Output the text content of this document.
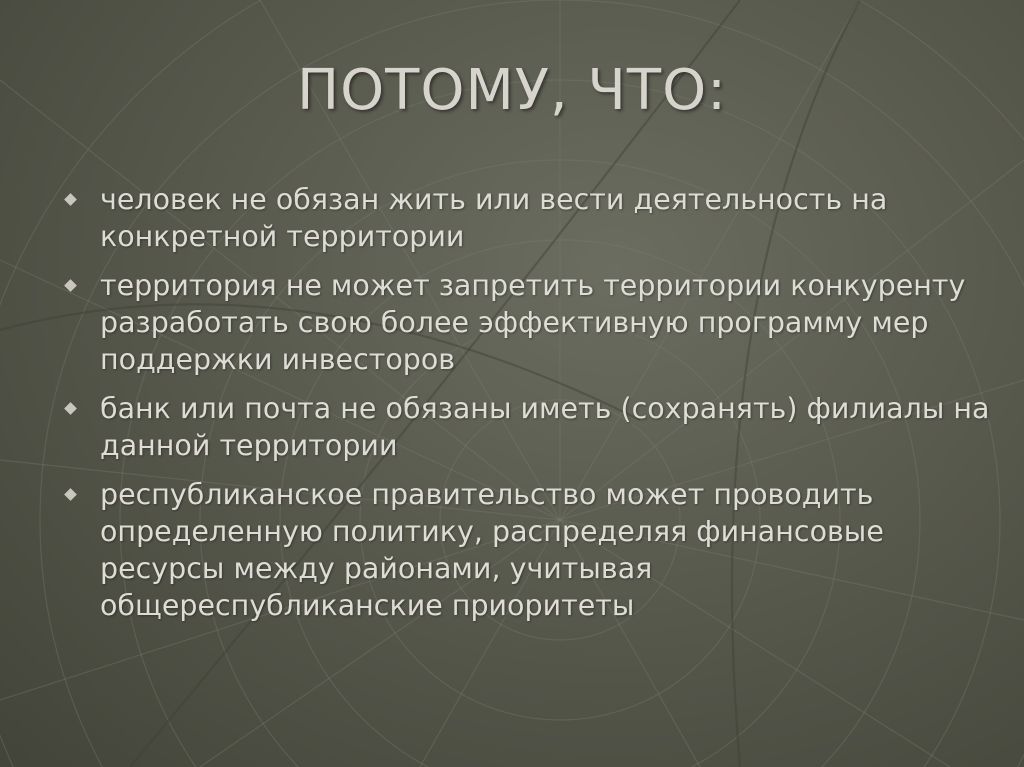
ПОТОМУ, ЧТО:
человек не обязан жить или вести деятельность на конкретной территории
территория не может запретить территории конкуренту разработать свою более эффективную программу мер поддержки инвесторов
банк или почта не обязаны иметь (сохранять) филиалы на данной территории
республиканское правительство может проводить определенную политику, распределяя финансовые ресурсы между районами, учитывая общереспубликанские приоритеты
